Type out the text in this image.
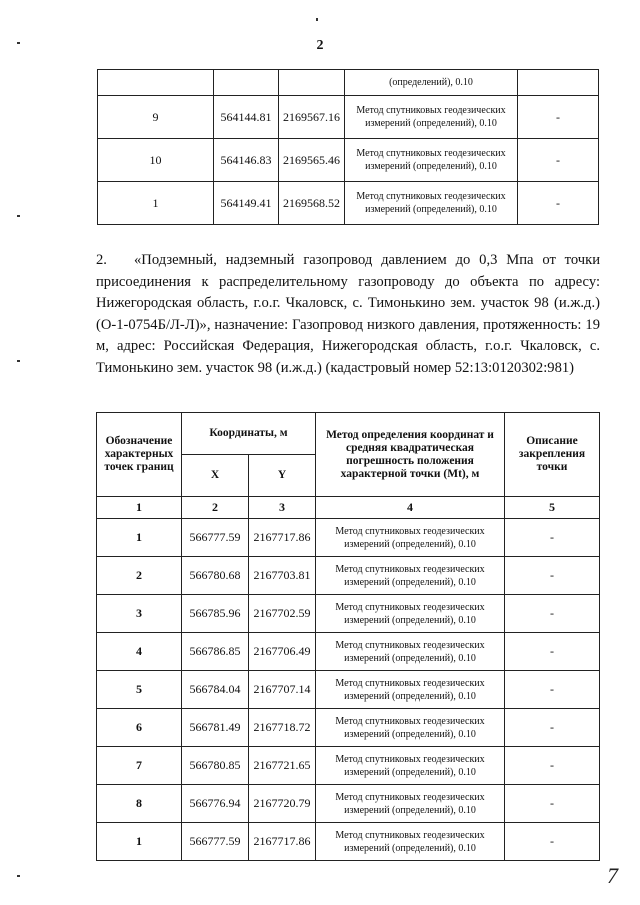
2
			(определений), 0.10	
9	564144.81	2169567.16	Метод спутниковых геодезических измерений (определений), 0.10	-
10	564146.83	2169565.46	Метод спутниковых геодезических измерений (определений), 0.10	-
1	564149.41	2169568.52	Метод спутниковых геодезических измерений (определений), 0.10	-

2. «Подземный, надземный газопровод давлением до 0,3 Мпа от точки присоединения к распределительному газопроводу до объекта по адресу: Нижегородская область, г.о.г. Чкаловск, с. Тимонькино зем. участок 98 (и.ж.д.) (О-1-0754Б/Л-Л)», назначение: Газопровод низкого давления, протяженность: 19 м, адрес: Российская Федерация, Нижегородская область, г.о.г. Чкаловск, с. Тимонькино зем. участок 98 (и.ж.д.) (кадастровый номер 52:13:0120302:981)

Обозначение характерных точек границ	Координаты, м		Метод определения координат и средняя квадратическая погрешность положения характерной точки (Mt), м	Описание закрепления точки
	X	Y		
1	2	3	4	5
1	566777.59	2167717.86	Метод спутниковых геодезических измерений (определений), 0.10	-
2	566780.68	2167703.81	Метод спутниковых геодезических измерений (определений), 0.10	-
3	566785.96	2167702.59	Метод спутниковых геодезических измерений (определений), 0.10	-
4	566786.85	2167706.49	Метод спутниковых геодезических измерений (определений), 0.10	-
5	566784.04	2167707.14	Метод спутниковых геодезических измерений (определений), 0.10	-
6	566781.49	2167718.72	Метод спутниковых геодезических измерений (определений), 0.10	-
7	566780.85	2167721.65	Метод спутниковых геодезических измерений (определений), 0.10	-
8	566776.94	2167720.79	Метод спутниковых геодезических измерений (определений), 0.10	-
1	566777.59	2167717.86	Метод спутниковых геодезических измерений (определений), 0.10	-
7
